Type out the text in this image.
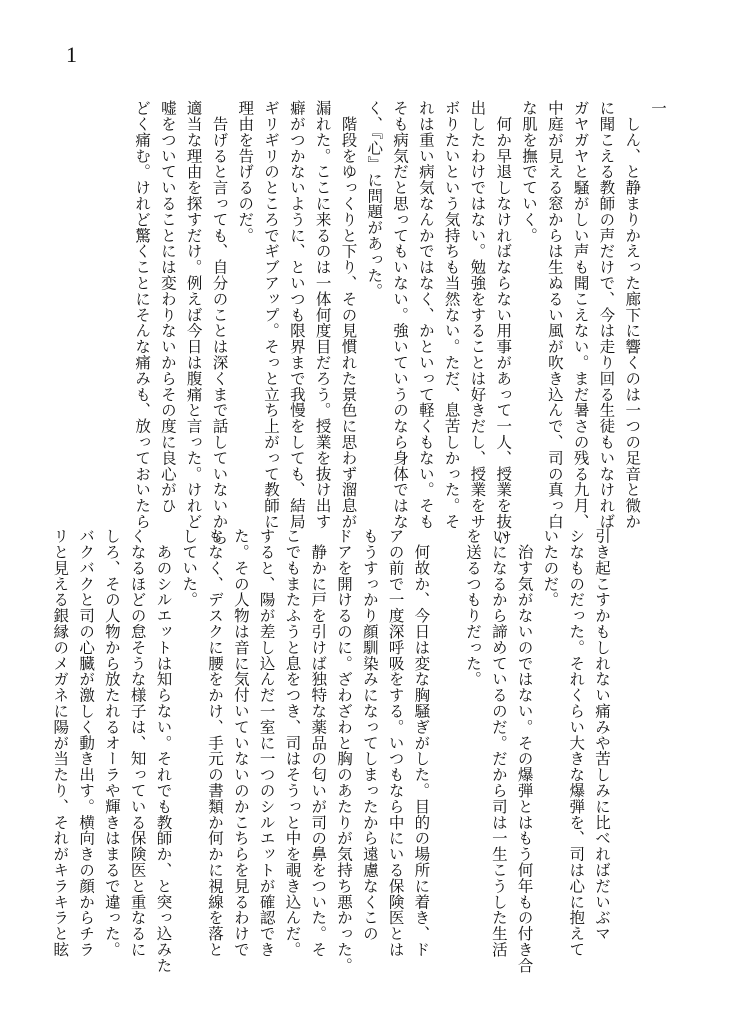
1
一
　しん、と静まりかえった廊下に響くのは一つの足音と微か
に聞こえる教師の声だけで、今は走り回る生徒もいなければ
ガヤガヤと騒がしい声も聞こえない。まだ暑さの残る九月、
中庭が見える窓からは生ぬるい風が吹き込んで、司の真っ白
な肌を撫でていく。
　何か早退しなければならない用事があって一人、授業を抜け
出したわけではない。勉強をすることは好きだし、授業をサ
ボりたいという気持ちも当然ない。ただ、息苦しかった。そ
れは重い病気なんかではなく、かといって軽くもない。そも
そも病気だと思ってもいない。強いていうのなら身体ではな
く、『心』に問題があった。
　階段をゆっくりと下り、その見慣れた景色に思わず溜息が
漏れた。ここに来るのは一体何度目だろう。授業を抜け出す
癖がつかないように、といつも限界まで我慢をしても、結局
ギリギリのところでギブアップ。そっと立ち上がって教師に
理由を告げるのだ。
　告げると言っても、自分のことは深くまで話していないから
適当な理由を探すだけ。例えば今日は腹痛と言った。けれど
嘘をついていることには変わりないからその度に良心がひ
どく痛む。けれど驚くことにそんな痛みも、放っておいたら
引き起こすかもしれない痛みや苦しみに比べればだいぶマ
シなものだった。それくらい大きな爆弾を、司は心に抱えて
いたのだ。
　治す気がないのではない。その爆弾とはもう何年もの付き合
いになるから諦めているのだ。だから司は一生こうした生活
を送るつもりだった。
　何故か、今日は変な胸騒ぎがした。目的の場所に着き、ド
アの前で一度深呼吸をする。いつもなら中にいる保険医とは
もうすっかり顔馴染みになってしまったから遠慮なくこの
ドアを開けるのに。ざわざわと胸のあたりが気持ち悪かった。
　静かに戸を引けば独特な薬品の匂いが司の鼻をついた。そ
こでもまたふうと息をつき、司はそうっと中を覗き込んだ。
すると、陽が差し込んだ一室に一つのシルエットが確認でき
た。その人物は音に気付いていないのかこちらを見るわけで
もなく、デスクに腰をかけ、手元の書類か何かに視線を落と
していた。
　あのシルエットは知らない。それでも教師か、と突っ込みた
くなるほどの怠そうな様子は、知っている保険医と重なるに
しろ、その人物から放たれるオーラや輝きはまるで違った。
バクバクと司の心臓が激しく動き出す。横向きの顔からチラ
リと見える銀縁のメガネに陽が当たり、それがキラキラと眩
